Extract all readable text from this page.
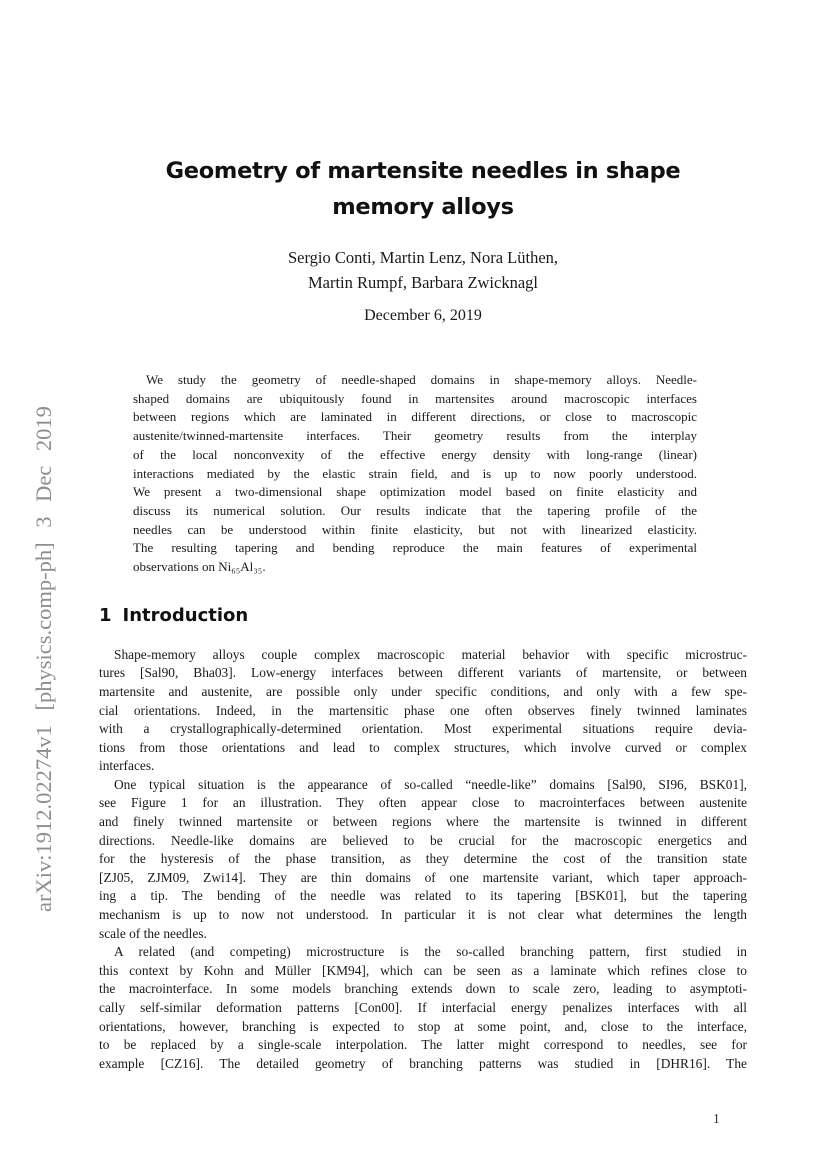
arXiv:1912.02274v1 [physics.comp-ph] 3 Dec 2019
Geometry of martensite needles in shape
memory alloys
Sergio Conti, Martin Lenz, Nora Lüthen,
Martin Rumpf, Barbara Zwicknagl
December 6, 2019
We study the geometry of needle-shaped domains in shape-memory alloys. Needle-
shaped domains are ubiquitously found in martensites around macroscopic interfaces
between regions which are laminated in different directions, or close to macroscopic
austenite/twinned-martensite interfaces. Their geometry results from the interplay
of the local nonconvexity of the effective energy density with long-range (linear)
interactions mediated by the elastic strain field, and is up to now poorly understood.
We present a two-dimensional shape optimization model based on finite elasticity and
discuss its numerical solution. Our results indicate that the tapering profile of the
needles can be understood within finite elasticity, but not with linearized elasticity.
The resulting tapering and bending reproduce the main features of experimental
observations on Ni₆₅Al₃₅.
1 Introduction
Shape-memory alloys couple complex macroscopic material behavior with specific microstruc-
tures [Sal90, Bha03]. Low-energy interfaces between different variants of martensite, or between
martensite and austenite, are possible only under specific conditions, and only with a few spe-
cial orientations. Indeed, in the martensitic phase one often observes finely twinned laminates
with a crystallographically-determined orientation. Most experimental situations require devia-
tions from those orientations and lead to complex structures, which involve curved or complex
interfaces.
One typical situation is the appearance of so-called “needle-like” domains [Sal90, SI96, BSK01],
see Figure 1 for an illustration. They often appear close to macrointerfaces between austenite
and finely twinned martensite or between regions where the martensite is twinned in different
directions. Needle-like domains are believed to be crucial for the macroscopic energetics and
for the hysteresis of the phase transition, as they determine the cost of the transition state
[ZJ05, ZJM09, Zwi14]. They are thin domains of one martensite variant, which taper approach-
ing a tip. The bending of the needle was related to its tapering [BSK01], but the tapering
mechanism is up to now not understood. In particular it is not clear what determines the length
scale of the needles.
A related (and competing) microstructure is the so-called branching pattern, first studied in
this context by Kohn and Müller [KM94], which can be seen as a laminate which refines close to
the macrointerface. In some models branching extends down to scale zero, leading to asymptoti-
cally self-similar deformation patterns [Con00]. If interfacial energy penalizes interfaces with all
orientations, however, branching is expected to stop at some point, and, close to the interface,
to be replaced by a single-scale interpolation. The latter might correspond to needles, see for
example [CZ16]. The detailed geometry of branching patterns was studied in [DHR16]. The
1
